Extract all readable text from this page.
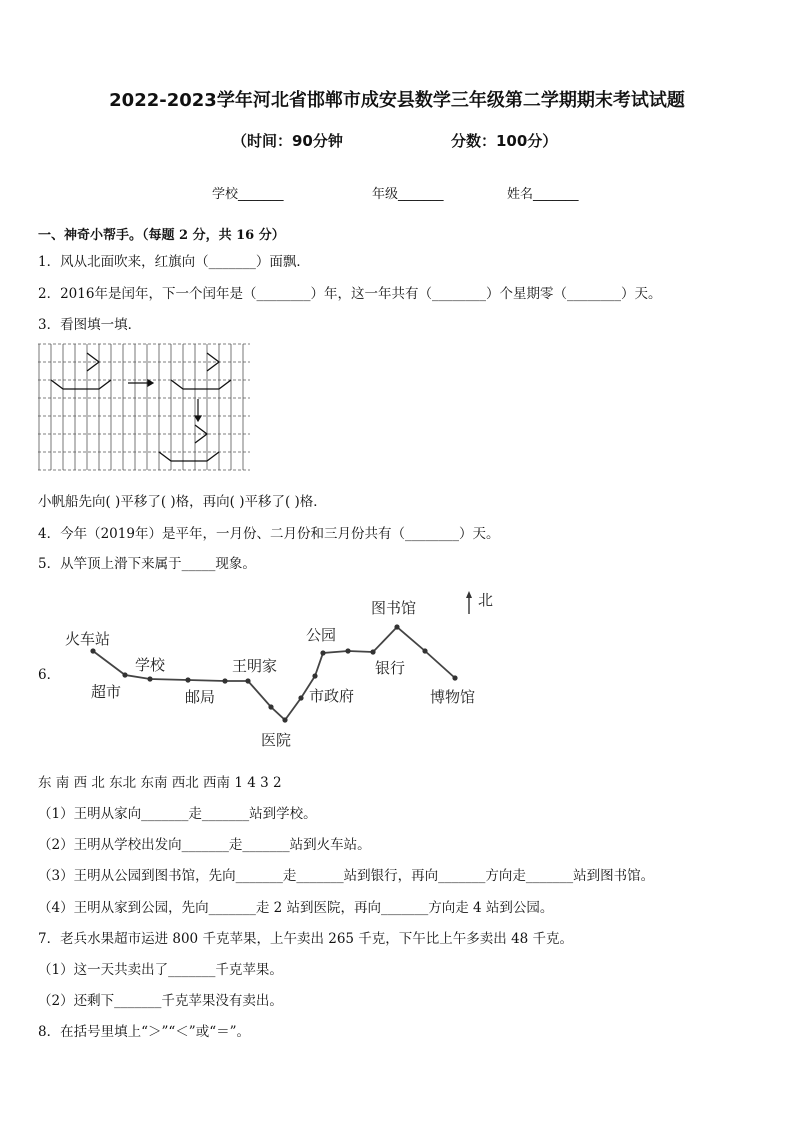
2022-2023学年河北省邯郸市成安县数学三年级第二学期期末考试试题
（时间：90分钟	分数：100分）
学校_______	年级_______	姓名_______
一、神奇小帮手。（每题 2 分，共 16 分）
1．风从北面吹来，红旗向（_______）面飘．
2．2016年是闰年，下一个闰年是（________）年，这一年共有（________）个星期零（________）天。
3．看图填一填．
小帆船先向( )平移了( )格，再向( )平移了( )格．
4．今年（2019年）是平年，一月份、二月份和三月份共有（________）天。
5．从竿顶上滑下来属于_____现象。
6．
北
火车站
学校
超市	邮局
王明家
医院
市政府
公园
银行
图书馆
博物馆
东 南 西 北 东北 东南 西北 西南 1 4 3 2
（1）王明从家向_______走_______站到学校。
（2）王明从学校出发向_______走_______站到火车站。
（3）王明从公园到图书馆，先向_______走_______站到银行，再向_______方向走_______站到图书馆。
（4）王明从家到公园，先向_______走 2 站到医院，再向_______方向走 4 站到公园。
7．老兵水果超市运进 800 千克苹果，上午卖出 265 千克，下午比上午多卖出 48 千克。
（1）这一天共卖出了_______千克苹果。
（2）还剩下_______千克苹果没有卖出。
8．在括号里填上“＞”“＜”或“＝”。
